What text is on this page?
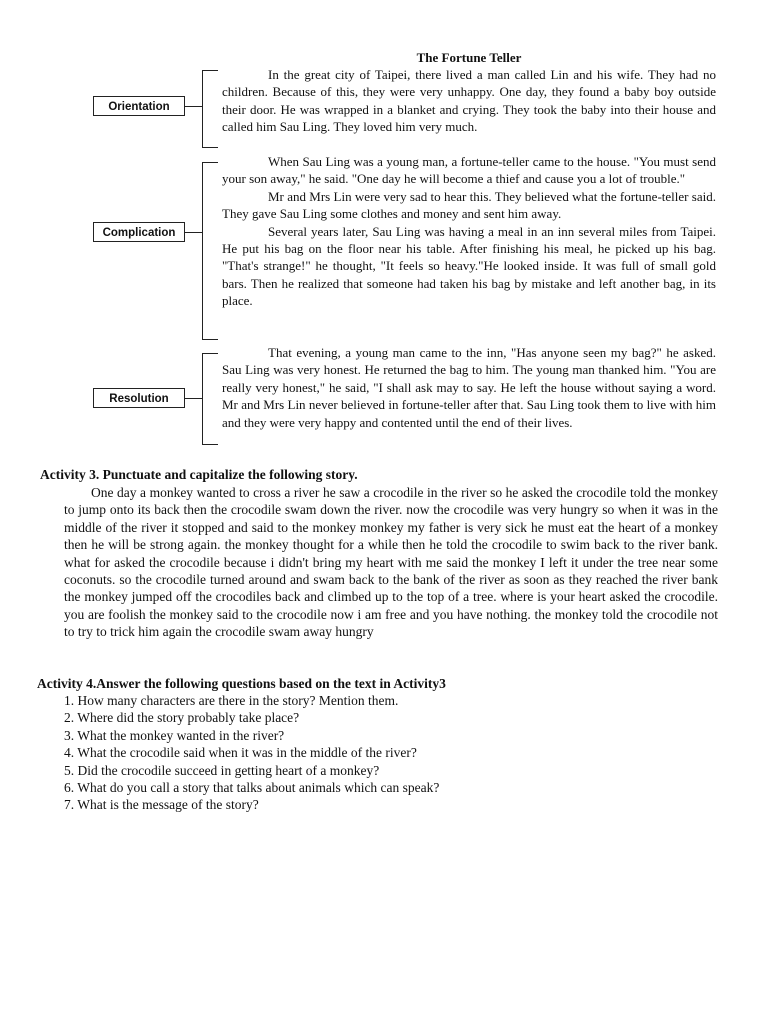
The Fortune Teller
Orientation

In the great city of Taipei, there lived a man called Lin and his wife. They had no children. Because of this, they were very unhappy. One day, they found a baby boy outside their door. He was wrapped in a blanket and crying. They took the baby into their house and called him Sau Ling. They loved him very much.

Complication

When Sau Ling was a young man, a fortune-teller came to the house. "You must send your son away," he said. "One day he will become a thief and cause you a lot of trouble."

Mr and Mrs Lin were very sad to hear this. They believed what the fortune-teller said. They gave Sau Ling some clothes and money and sent him away.

Several years later, Sau Ling was having a meal in an inn several miles from Taipei. He put his bag on the floor near his table. After finishing his meal, he picked up his bag. "That's strange!" he thought, "It feels so heavy."He looked inside. It was full of small gold bars. Then he realized that someone had taken his bag by mistake and left another bag, in its place.

Resolution

That evening, a young man came to the inn, "Has anyone seen my bag?" he asked. Sau Ling was very honest. He returned the bag to him. The young man thanked him. "You are really very honest," he said, "I shall ask may to say. He left the house without saying a word. Mr and Mrs Lin never believed in fortune-teller after that. Sau Ling took them to live with him and they were very happy and contented until the end of their lives.

Activity 3. Punctuate and capitalize the following story.

One day a monkey wanted to cross a river he saw a crocodile in the river so he asked the crocodile told the monkey to jump onto its back then the crocodile swam down the river. now the crocodile was very hungry so when it was in the middle of the river it stopped and said to the monkey monkey my father is very sick he must eat the heart of a monkey then he will be strong again. the monkey thought for a while then he told the crocodile to swim back to the river bank. what for asked the crocodile because i didn't bring my heart with me said the monkey I left it under the tree near some coconuts. so the crocodile turned around and swam back to the bank of the river as soon as they reached the river bank the monkey jumped off the crocodiles back and climbed up to the top of a tree. where is your heart asked the crocodile. you are foolish the monkey said to the crocodile now i am free and you have nothing. the monkey told the crocodile not to try to trick him again the crocodile swam away hungry

Activity 4.Answer the following questions based on the text in Activity3
1. How many characters are there in the story? Mention them.
2. Where did the story probably take place?
3. What the monkey wanted in the river?
4. What the crocodile said when it was in the middle of the river?
5. Did the crocodile succeed in getting heart of a monkey?
6. What do you call a story that talks about animals which can speak?
7. What is the message of the story?
